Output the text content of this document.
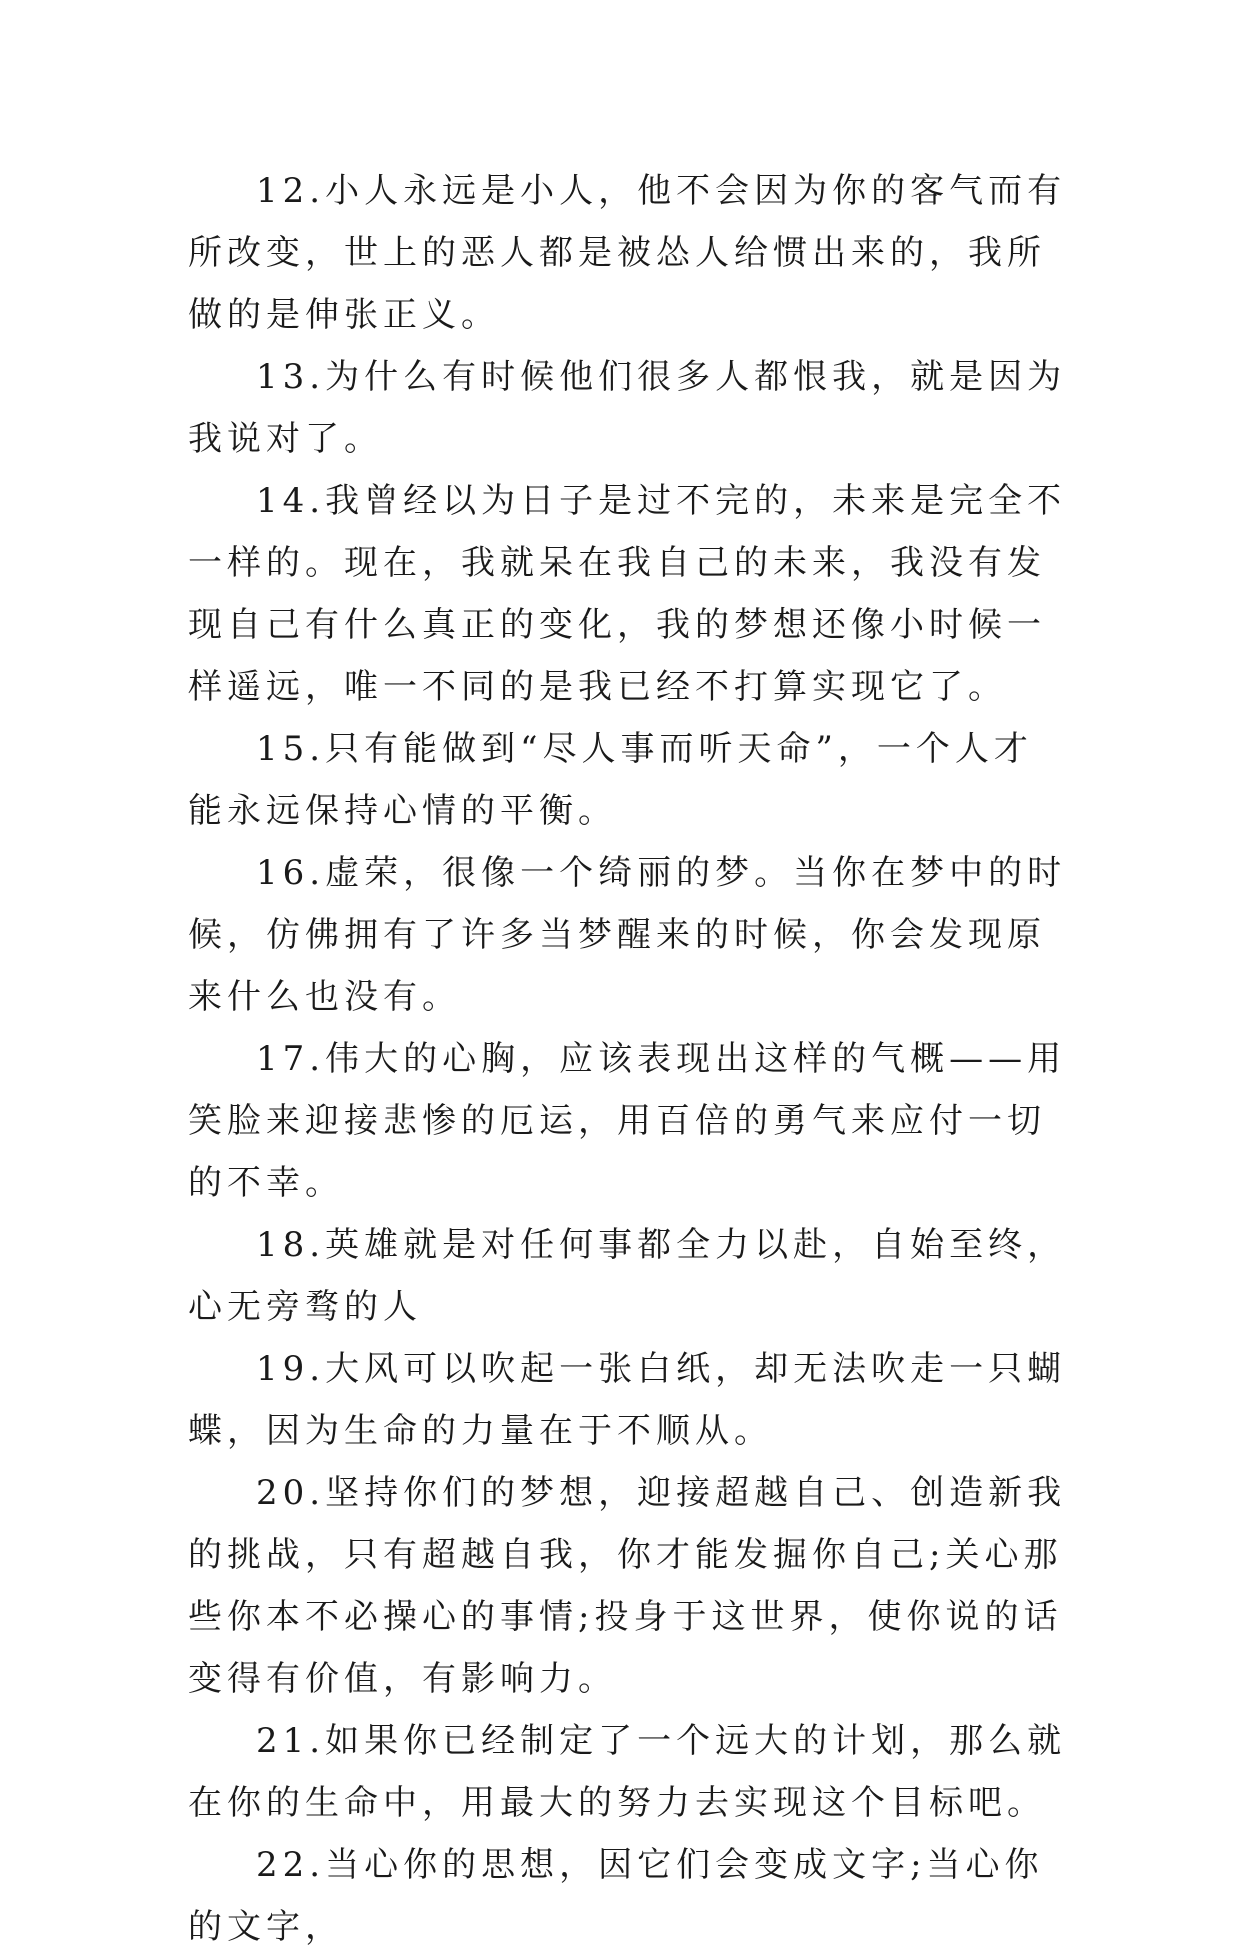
12.小人永远是小人，他不会因为你的客气而有所改变，世上的恶人都是被怂人给惯出来的，我所做的是伸张正义。

13.为什么有时候他们很多人都恨我，就是因为我说对了。

14.我曾经以为日子是过不完的，未来是完全不一样的。现在，我就呆在我自己的未来，我没有发现自己有什么真正的变化，我的梦想还像小时候一样遥远，唯一不同的是我已经不打算实现它了。

15.只有能做到“尽人事而听天命”，一个人才能永远保持心情的平衡。

16.虚荣，很像一个绮丽的梦。当你在梦中的时候，仿佛拥有了许多当梦醒来的时候，你会发现原来什么也没有。

17.伟大的心胸，应该表现出这样的气概——用笑脸来迎接悲惨的厄运，用百倍的勇气来应付一切的不幸。

18.英雄就是对任何事都全力以赴，自始至终，心无旁骛的人

19.大风可以吹起一张白纸，却无法吹走一只蝴蝶，因为生命的力量在于不顺从。

20.坚持你们的梦想，迎接超越自己、创造新我的挑战，只有超越自我，你才能发掘你自己;关心那些你本不必操心的事情;投身于这世界，使你说的话变得有价值，有影响力。

21.如果你已经制定了一个远大的计划，那么就在你的生命中，用最大的努力去实现这个目标吧。

22.当心你的思想，因它们会变成文字;当心你的文字，
